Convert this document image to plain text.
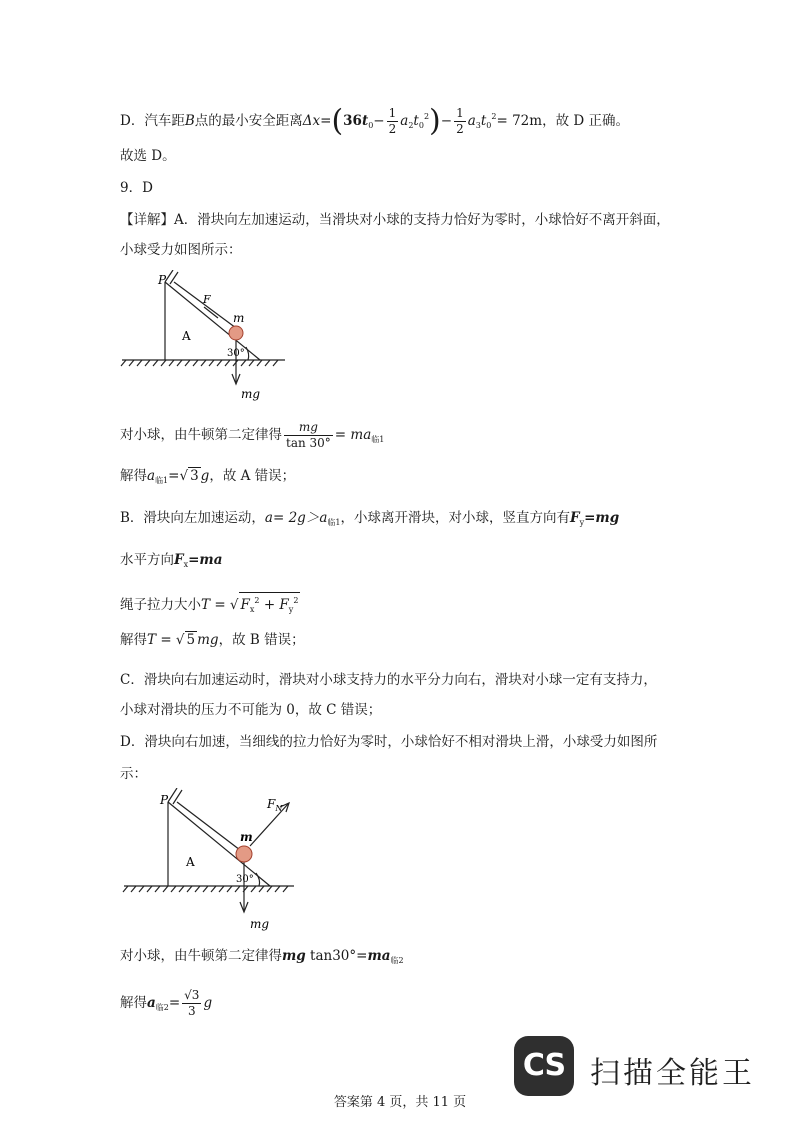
D．汽车距B点的最小安全距离$\Delta x=(36t_0- \frac{1}{2} a_2t_0^2)- \frac{1}{2} a_3t_0^2= 72m$，故 D 正确。
故选 D。
9．D
【详解】A．滑块向左加速运动，当滑块对小球的支持力恰好为零时，小球恰好不离开斜面，
小球受力如图所示：
P
F
m
A
30°
mg
对小球，由牛顿第二定律得 $\frac{mg}{\tan 30^\circ} = ma_{临1}$
解得$a_{临1}=√$ 3 g，故 A 错误；
B．滑块向左加速运动，$a= 2g>a_{临1}$，小球离开滑块，对小球，竖直方向有$F_y=mg$
水平方向$F_x=ma$
绳子拉力大小T = √ $F_x^2 + F_y^2$
解得T = √ 5 mg，故 B 错误；
C．滑块向右加速运动时，滑块对小球支持力的水平分力向右，滑块对小球一定有支持力，
小球对滑块的压力不可能为 0，故 C 错误；
D．滑块向右加速，当细线的拉力恰好为零时，小球恰好不相对滑块上滑，小球受力如图所
示：
P	$F_N$
m
A
30°
mg
对小球，由牛顿第二定律得mg $\tan 30^\circ=ma_{临2}$
解得$a_{临2}= \frac{√3}{3}$ g
CS 扫描全能王
答案第 4 页，共 11 页
